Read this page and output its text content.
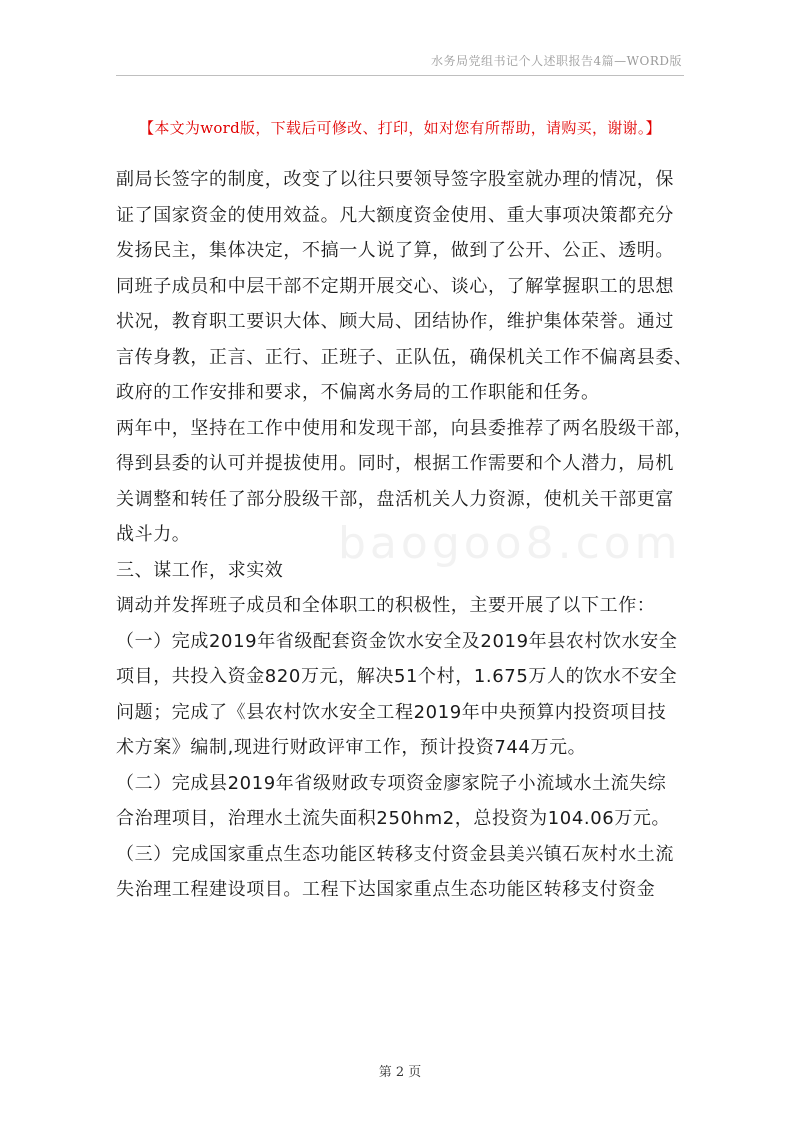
水务局党组书记个人述职报告4篇—WORD版
【本文为word版，下载后可修改、打印，如对您有所帮助，请购买，谢谢。】
baogoo8.com

副局长签字的制度，改变了以往只要领导签字股室就办理的情况，保
证了国家资金的使用效益。凡大额度资金使用、重大事项决策都充分
发扬民主，集体决定，不搞一人说了算，做到了公开、公正、透明。
同班子成员和中层干部不定期开展交心、谈心，了解掌握职工的思想
状况，教育职工要识大体、顾大局、团结协作，维护集体荣誉。通过
言传身教，正言、正行、正班子、正队伍，确保机关工作不偏离县委、
政府的工作安排和要求，不偏离水务局的工作职能和任务。
两年中，坚持在工作中使用和发现干部，向县委推荐了两名股级干部，
得到县委的认可并提拔使用。同时，根据工作需要和个人潜力，局机
关调整和转任了部分股级干部，盘活机关人力资源，使机关干部更富
战斗力。
三、谋工作，求实效
调动并发挥班子成员和全体职工的积极性，主要开展了以下工作：
（一）完成2019年省级配套资金饮水安全及2019年县农村饮水安全
项目，共投入资金820万元，解决51个村，1.675万人的饮水不安全
问题；完成了《县农村饮水安全工程2019年中央预算内投资项目技
术方案》编制,现进行财政评审工作，预计投资744万元。
（二）完成县2019年省级财政专项资金廖家院子小流域水土流失综
合治理项目，治理水土流失面积250hm2，总投资为104.06万元。
（三）完成国家重点生态功能区转移支付资金县美兴镇石灰村水土流
失治理工程建设项目。工程下达国家重点生态功能区转移支付资金

第 2 页
